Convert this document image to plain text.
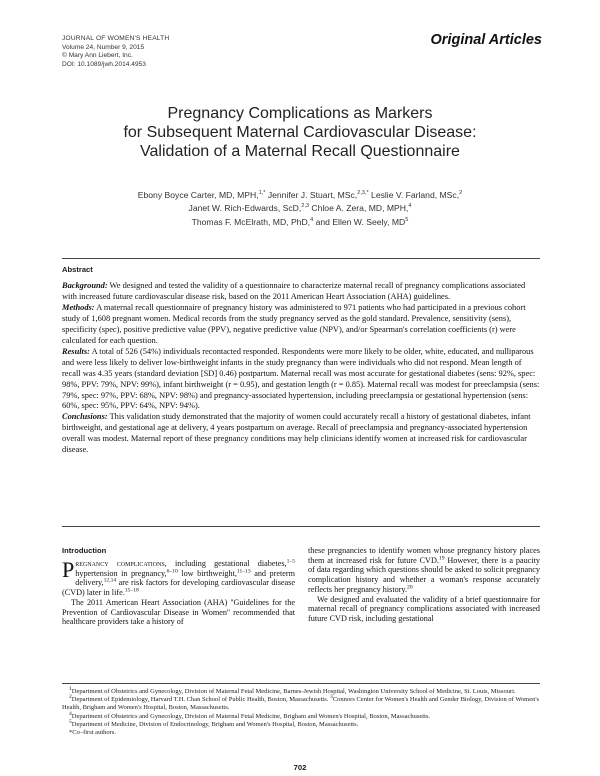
JOURNAL OF WOMEN'S HEALTH
Volume 24, Number 9, 2015
© Mary Ann Liebert, Inc.
DOI: 10.1089/jwh.2014.4953
Original Articles
Pregnancy Complications as Markers
for Subsequent Maternal Cardiovascular Disease:
Validation of a Maternal Recall Questionnaire
Ebony Boyce Carter, MD, MPH,$^{1,*}$ Jennifer J. Stuart, MSc,$^{2,3,*}$ Leslie V. Farland, MSc,$^2$
Janet W. Rich-Edwards, ScD,$^{2,3}$ Chloe A. Zera, MD, MPH,$^4$
Thomas F. McElrath, MD, PhD,$^4$ and Ellen W. Seely, $MD^5$
Abstract

Background: We designed and tested the validity of a questionnaire to characterize maternal recall of pregnancy complications associated with increased future cardiovascular disease risk, based on the 2011 American Heart Association (AHA) guidelines.

Methods: A maternal recall questionnaire of pregnancy history was administered to 971 patients who had participated in a previous cohort study of 1,608 pregnant women. Medical records from the study pregnancy served as the gold standard. Prevalence, sensitivity (sens), specificity (spec), positive predictive value (PPV), negative predictive value (NPV), and/or Spearman's correlation coefficients (r) were calculated for each question.

Results: A total of 526 (54%) individuals recontacted responded. Respondents were more likely to be older, white, educated, and nulliparous and were less likely to deliver low-birthweight infants in the study pregnancy than were individuals who did not respond. Mean length of recall was 4.35 years (standard deviation [SD] 0.46) postpartum. Maternal recall was most accurate for gestational diabetes (sens: 92%, spec: 98%, PPV: 79%, NPV: 99%), infant birthweight (r = 0.95), and gestation length (r = 0.85). Maternal recall was modest for preeclampsia (sens: 79%, spec: 97%, PPV: 68%, NPV: 98%) and pregnancy-associated hypertension, including preeclampsia or gestational hypertension (sens: 60%, spec: 95%, PPV: 64%, NPV: 94%).

Conclusions: This validation study demonstrated that the majority of women could accurately recall a history of gestational diabetes, infant birthweight, and gestational age at delivery, 4 years postpartum on average. Recall of preeclampsia and pregnancy-associated hypertension overall was modest. Maternal report of these pregnancy conditions may help clinicians identify women at increased risk for cardiovascular disease.

Introduction

Pregnancy complications, including gestational diabetes,$^{1-5}$ hypertension in pregnancy,$^{6-10}$ low birthweight,$^{11-13}$ and preterm delivery,$^{12,14}$ are risk factors for developing cardiovascular disease (CVD) later in life.$^{15-18}$

The 2011 American Heart Association (AHA) ''Guidelines for the Prevention of Cardiovascular Disease in Women'' recommended that healthcare providers take a history of

these pregnancies to identify women whose pregnancy history places them at increased risk for future CVD.$^{19}$ However, there is a paucity of data regarding which questions should be asked to solicit pregnancy complication history and whether a woman's response accurately reflects her pregnancy history.$^{20}$

We designed and evaluated the validity of a brief questionnaire for maternal recall of pregnancy complications associated with increased future CVD risk, including gestational

$^1$Department of Obstetrics and Gynecology, Division of Maternal Fetal Medicine, Barnes-Jewish Hospital, Washington University School of Medicine, St. Louis, Missouri.

$^2$Department of Epidemiology, Harvard T.H. Chan School of Public Health, Boston, Massachusetts. $^3$Connors Center for Women's Health and Gender Biology, Division of Women's Health, Brigham and Women's Hospital, Boston, Massachusetts.

$^4$Department of Obstetrics and Gynecology, Division of Maternal Fetal Medicine, Brigham and Women's Hospital, Boston, Massachusetts.

$^5$Department of Medicine, Division of Endocrinology, Brigham and Women's Hospital, Boston, Massachusetts.

*Co–first authors.

702
